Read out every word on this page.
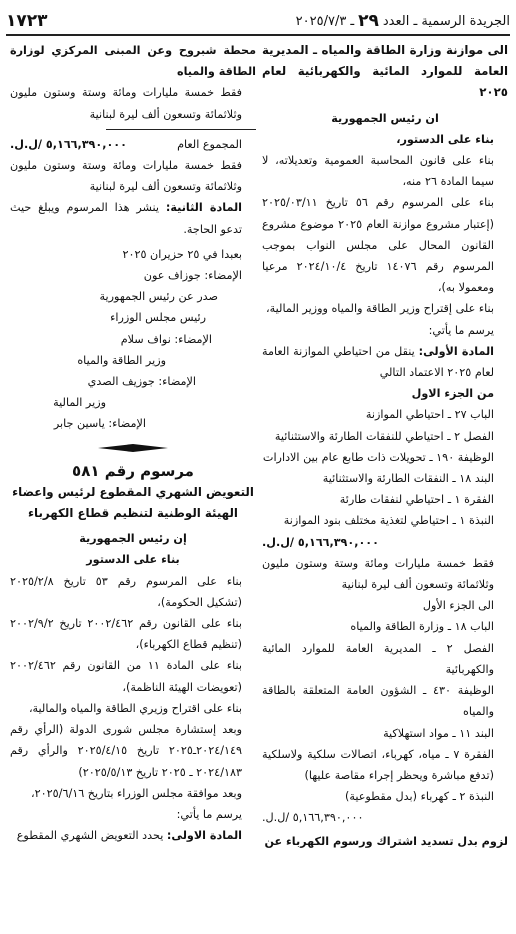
الجريدة الرسمية ـ العدد
٢٩
ـ
٢٠٢٥/٧/٣
١٧٢٣

الى موازنة وزارة الطاقة والمياه ـ المديرية العامة للموارد المائية والكهربائية لعام ٢٠٢٥

ان رئيس الجمهورية

بناء على الدستور،

بناء على قانون المحاسبة العمومية وتعديلاته، لا سيما المادة ٢٦ منه،

بناء على المرسوم رقم ٥٦ تاريخ ٢٠٢٥/٠٣/١١ (إعتبار مشروع موازنة العام ٢٠٢٥ موضوع مشروع القانون المحال على مجلس النواب بموجب المرسوم رقم ١٤٠٧٦ تاريخ ٢٠٢٤/١٠/٤ مرعيا ومعمولا به)،

بناء على إقتراح وزير الطاقة والمياه ووزير المالية،

يرسم ما يأتي:

المادة الأولى: ينقل من احتياطي الموازنة العامة لعام ٢٠٢٥ الاعتماد التالي

من الجزء الاول

الباب ٢٧ ـ احتياطي الموازنة

الفصل ٢ ـ احتياطي للنفقات الطارئة والاستثنائية

الوظيفة ١٩٠ ـ تحويلات ذات طابع عام بين الادارات

البند ١٨ ـ النفقات الطارئة والاستثنائية

الفقرة ١ ـ احتياطي لنفقات طارئة

النبذة ١ ـ احتياطي لتغذية مختلف بنود الموازنة

٥,١٦٦,٣٩٠,٠٠٠ /ل.ل.

فقط خمسة مليارات ومائة وستة وستون مليون وثلاثمائة وتسعون ألف ليرة لبنانية

الى الجزء الأول

الباب ١٨ ـ وزارة الطاقة والمياه

الفصل ٢ ـ المديرية العامة للموارد المائية والكهربائية

الوظيفة ٤٣٠ ـ الشؤون العامة المتعلقة بالطاقة والمياه

البند ١١ ـ مواد استهلاكية

الفقرة ٧ ـ مياه، كهرباء، اتصالات سلكية ولاسلكية (تدفع مباشرة ويحظر إجراء مقاصة عليها)

النبذة ٢ ـ كهرباء (بدل مقطوعية)

٥,١٦٦,٣٩٠,٠٠٠ /ل.ل.

لزوم بدل تسديد اشتراك ورسوم الكهرباء عن

محطة شبروح وعن المبنى المركزي لوزارة الطاقة والمياه

فقط خمسة مليارات ومائة وستة وستون مليون وثلاثمائة وتسعون ألف ليرة لبنانية

المجموع العام
٥,١٦٦,٣٩٠,٠٠٠ /ل.ل.

فقط خمسة مليارات ومائة وستة وستون مليون وثلاثمائة وتسعون ألف ليرة لبنانية

المادة الثانية: ينشر هذا المرسوم ويبلغ حيث تدعو الحاجة.

بعبدا في ٢٥ حزيران ٢٠٢٥

الإمضاء: جوزاف عون

صدر عن رئيس الجمهورية

رئيس مجلس الوزراء

الإمضاء: نواف سلام

وزير الطاقة والمياه

الإمضاء: جوزيف الصدي

وزير المالية

الإمضاء: ياسين جابر

مرسوم رقم ٥٨١

التعويض الشهري المقطوع لرئيس واعضاء الهيئة الوطنية لتنظيم قطاع الكهرباء

إن رئيس الجمهورية

بناء على الدستور

بناء على المرسوم رقم ٥٣ تاريخ ٢٠٢٥/٢/٨ (تشكيل الحكومة)،

بناء على القانون رقم ٢٠٠٢/٤٦٢ تاريخ ٢٠٠٢/٩/٢ (تنظيم قطاع الكهرباء)،

بناء على المادة ١١ من القانون رقم ٢٠٠٢/٤٦٢ (تعويضات الهيئة الناظمة)،

بناء على اقتراح وزيري الطاقة والمياه والمالية،

وبعد إستشارة مجلس شورى الدولة (الرأي رقم ٢٠٢٤/١٤٩ـ٢٠٢٥ تاريخ ٢٠٢٥/٤/١٥ والرأي رقم ٢٠٢٤/١٨٣ ـ ٢٠٢٥ تاريخ ٢٠٢٥/٥/١٣)

وبعد موافقة مجلس الوزراء بتاريخ ٢٠٢٥/٦/١٦،

يرسم ما يأتي:

المادة الاولى: يحدد التعويض الشهري المقطوع
